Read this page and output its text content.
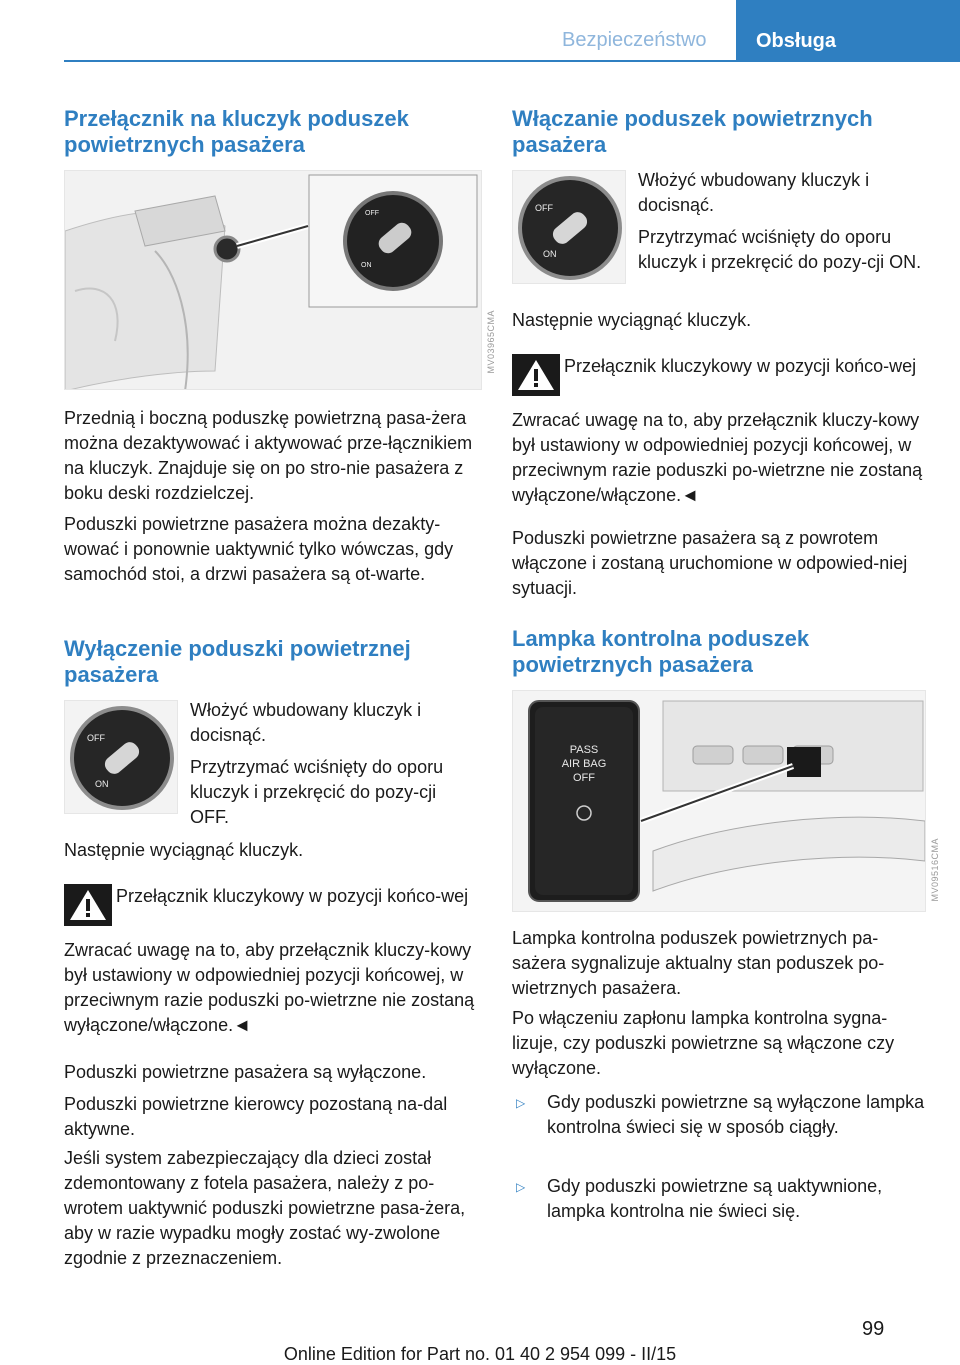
Bezpieczeństwo Obsługa
Przełącznik na kluczyk poduszek powietrznych pasażera
OFF
ON
MV03965CMA

Przednią i boczną poduszkę powietrzną pasa-żera można dezaktywować i aktywować prze-łącznikiem na kluczyk. Znajduje się on po stro-nie pasażera z boku deski rozdzielczej.

Poduszki powietrzne pasażera można dezakty-wować i ponownie uaktywnić tylko wówczas, gdy samochód stoi, a drzwi pasażera są ot-warte.

Wyłączenie poduszki powietrznej pasażera
OFF
ON

Włożyć wbudowany kluczyk i docisnąć.

Przytrzymać wciśnięty do oporu kluczyk i przekręcić do pozy-cji OFF.

Następnie wyciągnąć kluczyk.

Przełącznik kluczykowy w pozycji końco-wej

Zwracać uwagę na to, aby przełącznik kluczy-kowy był ustawiony w odpowiedniej pozycji końcowej, w przeciwnym razie poduszki po-wietrzne nie zostaną wyłączone/włączone.◄

Poduszki powietrzne pasażera są wyłączone.

Poduszki powietrzne kierowcy pozostaną na-dal aktywne.

Jeśli system zabezpieczający dla dzieci został zdemontowany z fotela pasażera, należy z po-wrotem uaktywnić poduszki powietrzne pasa-żera, aby w razie wypadku mogły zostać wy-zwolone zgodnie z przeznaczeniem.

Włączanie poduszek powietrznych pasażera
OFF
ON

Włożyć wbudowany kluczyk i docisnąć.

Przytrzymać wciśnięty do oporu kluczyk i przekręcić do pozy-cji ON.

Następnie wyciągnąć kluczyk.

Przełącznik kluczykowy w pozycji końco-wej

Zwracać uwagę na to, aby przełącznik kluczy-kowy był ustawiony w odpowiedniej pozycji końcowej, w przeciwnym razie poduszki po-wietrzne nie zostaną wyłączone/włączone.◄

Poduszki powietrzne pasażera są z powrotem włączone i zostaną uruchomione w odpowied-niej sytuacji.

Lampka kontrolna poduszek powietrznych pasażera
PASS
AIR BAG
OFF
MV09516CMA

Lampka kontrolna poduszek powietrznych pa-sażera sygnalizuje aktualny stan poduszek po-wietrznych pasażera.

Po włączeniu zapłonu lampka kontrolna sygna-lizuje, czy poduszki powietrzne są włączone czy wyłączone.

▷ Gdy poduszki powietrzne są wyłączone lampka kontrolna świeci się w sposób ciągły.

▷ Gdy poduszki powietrzne są uaktywnione, lampka kontrolna nie świeci się.

99
Online Edition for Part no. 01 40 2 954 099 - II/15
